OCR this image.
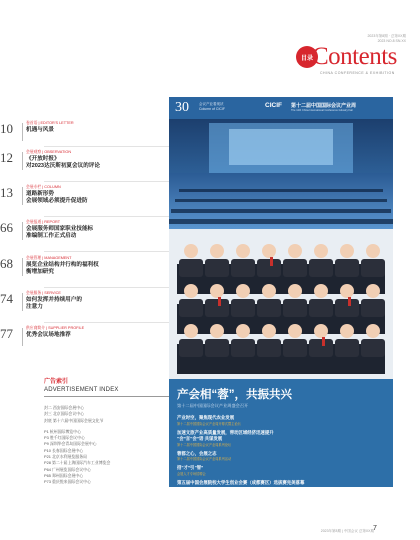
2023年第8期 · 总第XX期
2023 NO.8 SN.XX
目录 Contents
CHINA CONFERENCE & EXHIBITION
10	卷首语 | EDITOR'S LETTER
机遇与风景
12	会展观察 | OBSERVATION
《开放时报》
对2023达沃斯初夏会议的评论
13	会展专栏 | COLUMN
道路新形势
会展领域必须提升促进防
66	会展报道 | REPORT
会展服务师国家职业技能标
准编制工作正式启动
68	会展管理 | MANAGEMENT
展览企业结构并行构的福利权
衡增加研究
74	会展服务 | SERVICE
如何发挥并持续用户的
注意力
77	供应商简介 | SUPPLIER PROFILE
优秀会议场地推荐
广告索引
ADVERTISEMENT INDEX
封二 西安国际会展中心
封三 北京国际会议中心
封底 第十六届中国国际会展文化节
P1 杭州国际博览中心
P3 胜千红国际会议中心
P9 深圳华会青岛国际会展中心
P10 长春国际会展中心
P21 北京水利展览服务局
P28 第二十届上海国际汽车工业博览会
P64 广州展览国际会议中心
P65 郑州国际会展中心
P73 重庆悦来国际会议中心
30	会议产业看现状
Column of CICIF	CICIF 第十二届中国国际会议产业周
The 12th China International Conference Industry Fair
产会相“蓉”，共振共兴
第十二届中国国际会议产业周盛会召开
产业时空，聚焦现代农业发展
第十二届中国国际会议产业周开幕式暨主论坛
加速文旅产业高质量发展，带动区域经济迅速提升
“会”言“会”语 共谋发展
第十二届中国国际会议产业周系列论坛
蓉都之心，会展之志
第十二届中国国际会议产业周系列活动
招“才”引“智”
会展人才专场招聘会
第五届中国会展院校大学生创业会赛（成都赛区）选拔赛完美落幕
2023年第8期 | 中国会议 总第XX期 7
